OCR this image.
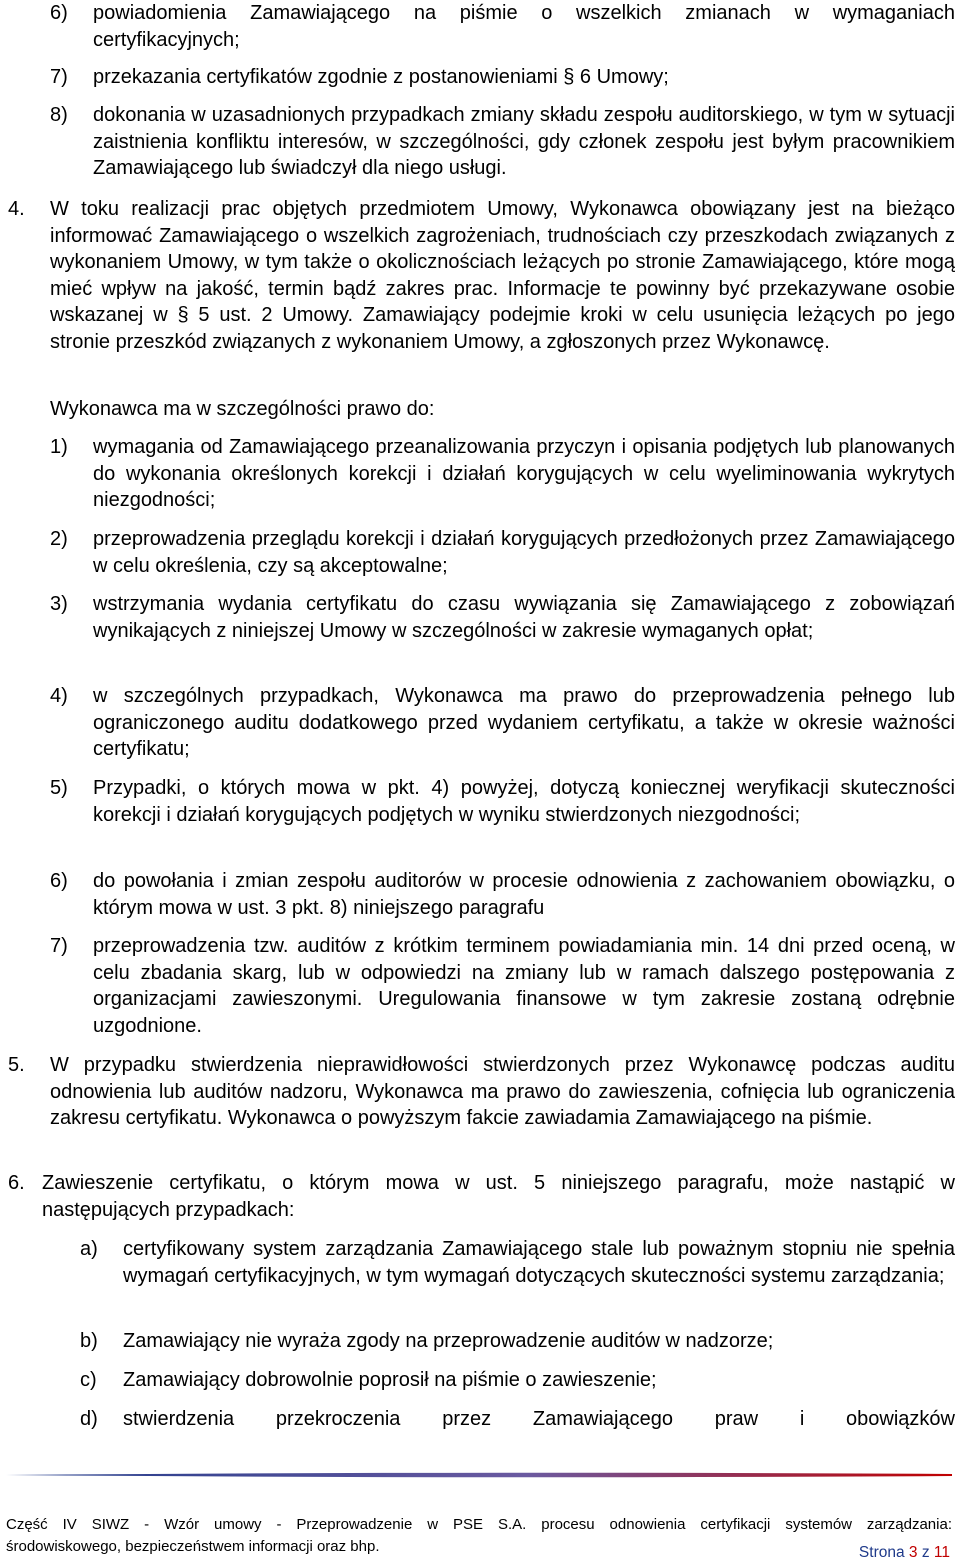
6) powiadomienia Zamawiającego na piśmie o wszelkich zmianach w wymaganiach certyfikacyjnych;
7) przekazania certyfikatów zgodnie z postanowieniami § 6 Umowy;
8) dokonania w uzasadnionych przypadkach zmiany składu zespołu auditorskiego, w tym w sytuacji zaistnienia konfliktu interesów, w szczególności, gdy członek zespołu jest byłym pracownikiem Zamawiającego lub świadczył dla niego usługi.
4. W toku realizacji prac objętych przedmiotem Umowy, Wykonawca obowiązany jest na bieżąco informować Zamawiającego o wszelkich zagrożeniach, trudnościach czy przeszkodach związanych z wykonaniem Umowy, w tym także o okolicznościach leżących po stronie Zamawiającego, które mogą mieć wpływ na jakość, termin bądź zakres prac. Informacje te powinny być przekazywane osobie wskazanej w § 5 ust. 2 Umowy. Zamawiający podejmie kroki w celu usunięcia leżących po jego stronie przeszkód związanych z wykonaniem Umowy, a zgłoszonych przez Wykonawcę.
Wykonawca ma w szczególności prawo do:
1) wymagania od Zamawiającego przeanalizowania przyczyn i opisania podjętych lub planowanych do wykonania określonych korekcji i działań korygujących w celu wyeliminowania wykrytych niezgodności;
2) przeprowadzenia przeglądu korekcji i działań korygujących przedłożonych przez Zamawiającego w celu określenia, czy są akceptowalne;
3) wstrzymania wydania certyfikatu do czasu wywiązania się Zamawiającego z zobowiązań wynikających z niniejszej Umowy w szczególności w zakresie wymaganych opłat;
4) w szczególnych przypadkach, Wykonawca ma prawo do przeprowadzenia pełnego lub ograniczonego auditu dodatkowego przed wydaniem certyfikatu, a także w okresie ważności certyfikatu;
5) Przypadki, o których mowa w pkt. 4) powyżej, dotyczą koniecznej weryfikacji skuteczności korekcji i działań korygujących podjętych w wyniku stwierdzonych niezgodności;
6) do powołania i zmian zespołu auditorów w procesie odnowienia z zachowaniem obowiązku, o którym mowa w ust. 3 pkt. 8) niniejszego paragrafu
7) przeprowadzenia tzw. auditów z krótkim terminem powiadamiania min. 14 dni przed oceną, w celu zbadania skarg, lub w odpowiedzi na zmiany lub w ramach dalszego postępowania z organizacjami zawieszonymi. Uregulowania finansowe w tym zakresie zostaną odrębnie uzgodnione.
5. W przypadku stwierdzenia nieprawidłowości stwierdzonych przez Wykonawcę podczas auditu odnowienia lub auditów nadzoru, Wykonawca ma prawo do zawieszenia, cofnięcia lub ograniczenia zakresu certyfikatu. Wykonawca o powyższym fakcie zawiadamia Zamawiającego na piśmie.
6. Zawieszenie certyfikatu, o którym mowa w ust. 5 niniejszego paragrafu, może nastąpić w następujących przypadkach:
a) certyfikowany system zarządzania Zamawiającego stale lub poważnym stopniu nie spełnia wymagań certyfikacyjnych, w tym wymagań dotyczących skuteczności systemu zarządzania;
b) Zamawiający nie wyraża zgody na przeprowadzenie auditów w nadzorze;
c) Zamawiający dobrowolnie poprosił na piśmie o zawieszenie;
d) stwierdzenia przekroczenia przez Zamawiającego praw i obowiązków
Część IV SIWZ - Wzór umowy - Przeprowadzenie w PSE S.A. procesu odnowienia certyfikacji systemów zarządzania:
środowiskowego, bezpieczeństwem informacji oraz bhp.	Strona 3 z 11
